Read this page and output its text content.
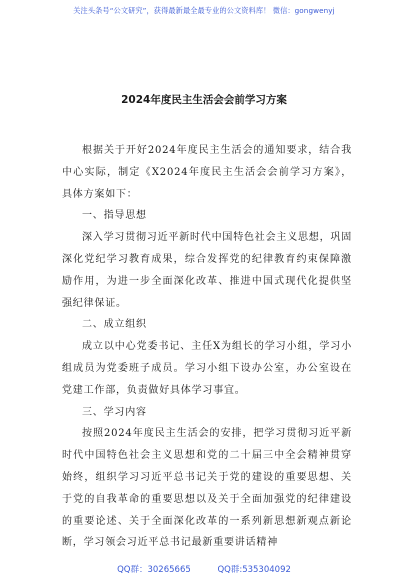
关注头条号“公文研究”，获得最新最全最专业的公文资料库！ 微信：gongwenyj
2024年度民主生活会会前学习方案

根据关于开好2024年度民主生活会的通知要求，结合我中心实际，制定《X2024年度民主生活会会前学习方案》，具体方案如下：

一、指导思想

深入学习贯彻习近平新时代中国特色社会主义思想，巩固深化党纪学习教育成果，综合发挥党的纪律教育约束保障激励作用，为进一步全面深化改革、推进中国式现代化提供坚强纪律保证。

二、成立组织

成立以中心党委书记、主任X为组长的学习小组，学习小组成员为党委班子成员。学习小组下设办公室，办公室设在党建工作部，负责做好具体学习事宜。

三、学习内容

按照2024年度民主生活会的安排，把学习贯彻习近平新时代中国特色社会主义思想和党的二十届三中全会精神贯穿始终，组织学习习近平总书记关于党的建设的重要思想、关于党的自我革命的重要思想以及关于全面加强党的纪律建设的重要论述、关于全面深化改革的一系列新思想新观点新论断，学习领会习近平总书记最新重要讲话精神

QQ群：30265665	QQ群:535304092
